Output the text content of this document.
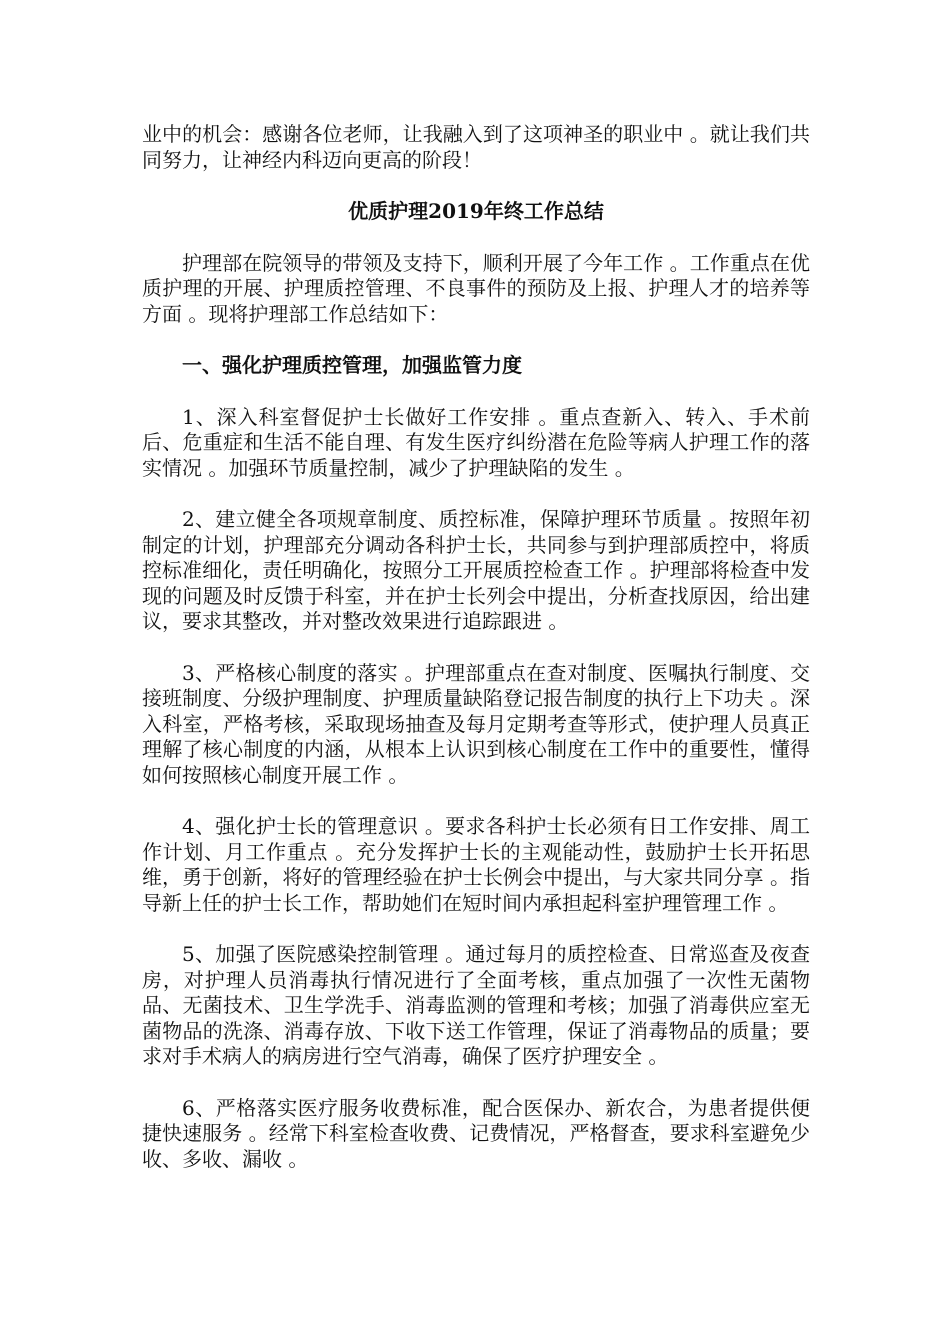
业中的机会：感谢各位老师，让我融入到了这项神圣的职业中 。就让我们共同努力，让神经内科迈向更高的阶段！

优质护理2019年终工作总结

护理部在院领导的带领及支持下，顺利开展了今年工作 。工作重点在优质护理的开展、护理质控管理、不良事件的预防及上报、护理人才的培养等方面 。现将护理部工作总结如下：

一、强化护理质控管理，加强监管力度

1、深入科室督促护士长做好工作安排 。重点查新入、转入、手术前后、危重症和生活不能自理、有发生医疗纠纷潜在危险等病人护理工作的落实情况 。加强环节质量控制，减少了护理缺陷的发生 。

2、建立健全各项规章制度、质控标准，保障护理环节质量 。按照年初制定的计划，护理部充分调动各科护士长，共同参与到护理部质控中，将质控标准细化，责任明确化，按照分工开展质控检查工作 。护理部将检查中发现的问题及时反馈于科室，并在护士长列会中提出，分析查找原因，给出建议，要求其整改，并对整改效果进行追踪跟进 。

3、严格核心制度的落实 。护理部重点在查对制度、医嘱执行制度、交接班制度、分级护理制度、护理质量缺陷登记报告制度的执行上下功夫 。深入科室，严格考核，采取现场抽查及每月定期考查等形式，使护理人员真正理解了核心制度的内涵，从根本上认识到核心制度在工作中的重要性，懂得如何按照核心制度开展工作 。

4、强化护士长的管理意识 。要求各科护士长必须有日工作安排、周工作计划、月工作重点 。充分发挥护士长的主观能动性，鼓励护士长开拓思维，勇于创新，将好的管理经验在护士长例会中提出，与大家共同分享 。指导新上任的护士长工作，帮助她们在短时间内承担起科室护理管理工作 。

5、加强了医院感染控制管理 。通过每月的质控检查、日常巡查及夜查房，对护理人员消毒执行情况进行了全面考核，重点加强了一次性无菌物品、无菌技术、卫生学洗手、消毒监测的管理和考核；加强了消毒供应室无菌物品的洗涤、消毒存放、下收下送工作管理，保证了消毒物品的质量；要求对手术病人的病房进行空气消毒，确保了医疗护理安全 。

6、严格落实医疗服务收费标准，配合医保办、新农合，为患者提供便捷快速服务 。经常下科室检查收费、记费情况，严格督查，要求科室避免少收、多收、漏收 。
